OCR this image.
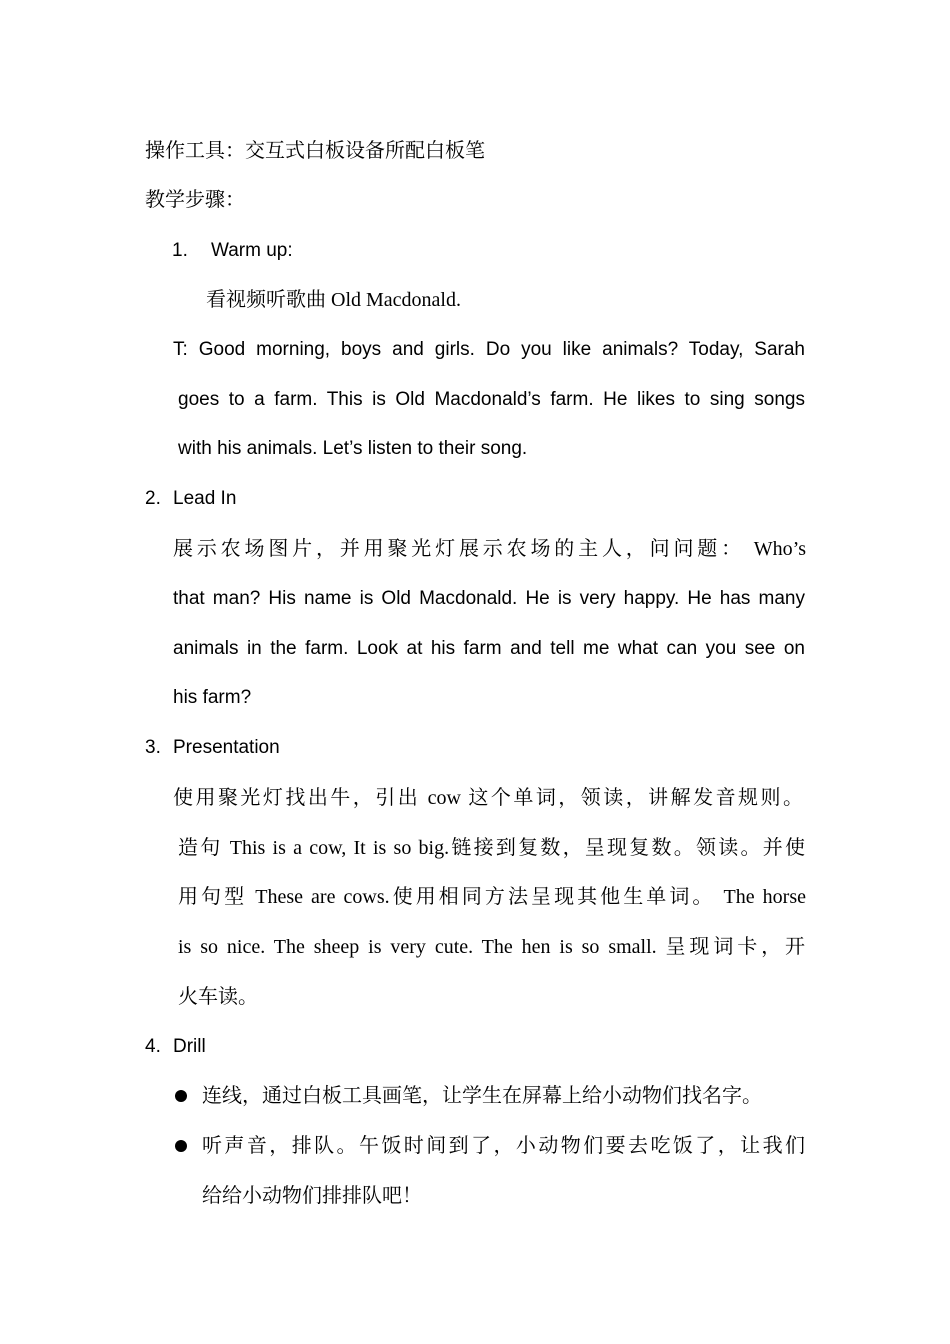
操作工具：交互式白板设备所配白板笔
教学步骤：
1. Warm up:
看视频听歌曲 Old Macdonald.
T: Good morning, boys and girls. Do you like animals? Today, Sarah
goes to a farm. This is Old Macdonald’s farm. He likes to sing songs
with his animals. Let’s listen to their song.
2. Lead In
展示农场图片，并用聚光灯展示农场的主人，问问题： Who’s
that man? His name is Old Macdonald. He is very happy. He has many
animals in the farm. Look at his farm and tell me what can you see on
his farm?
3. Presentation
使用聚光灯找出牛，引出 cow 这个单词，领读，讲解发音规则。
造句 This is a cow, It is so big.链接到复数，呈现复数。领读。并使
用句型 These are cows.使用相同方法呈现其他生单词。 The horse
is so nice. The sheep is very cute. The hen is so small. 呈现词卡，开
火车读。
4. Drill
连线，通过白板工具画笔，让学生在屏幕上给小动物们找名字。
听声音，排队。午饭时间到了，小动物们要去吃饭了，让我们
给给小动物们排排队吧！
